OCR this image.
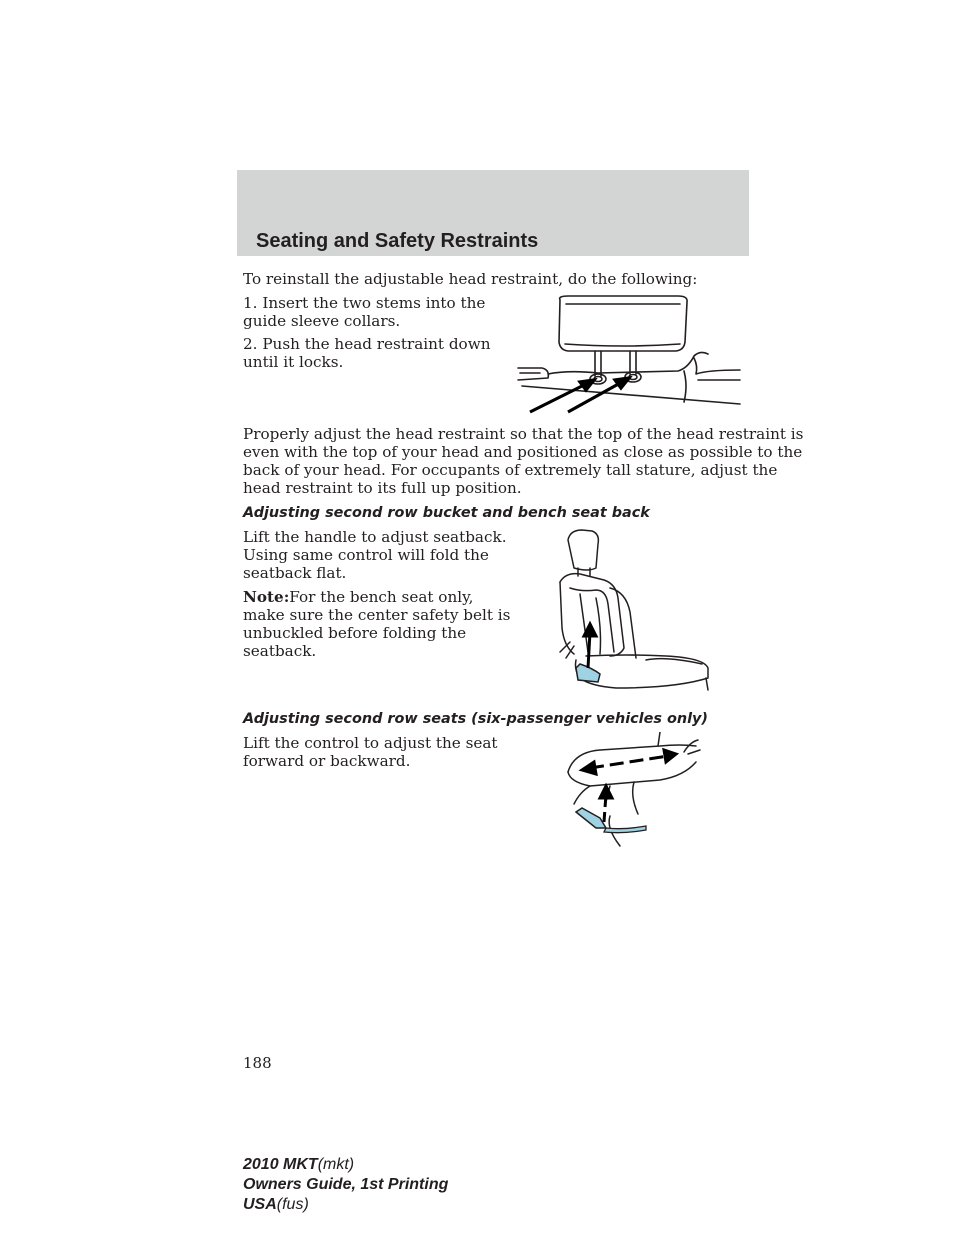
Seating and Safety Restraints

To reinstall the adjustable head restraint, do the following:

1. Insert the two stems into the

guide sleeve collars.

2. Push the head restraint down

until it locks.

Properly adjust the head restraint so that the top of the head restraint is

even with the top of your head and positioned as close as possible to the

back of your head. For occupants of extremely tall stature, adjust the

head restraint to its full up position.

Adjusting second row bucket and bench seat back

Lift the handle to adjust seatback.

Using same control will fold the

seatback flat.

Note:For the bench seat only,

make sure the center safety belt is

unbuckled before folding the

seatback.

Adjusting second row seats (six-passenger vehicles only)

Lift the control to adjust the seat

forward or backward.

188
2010 MKT(mkt)
Owners Guide, 1st Printing
USA(fus)
